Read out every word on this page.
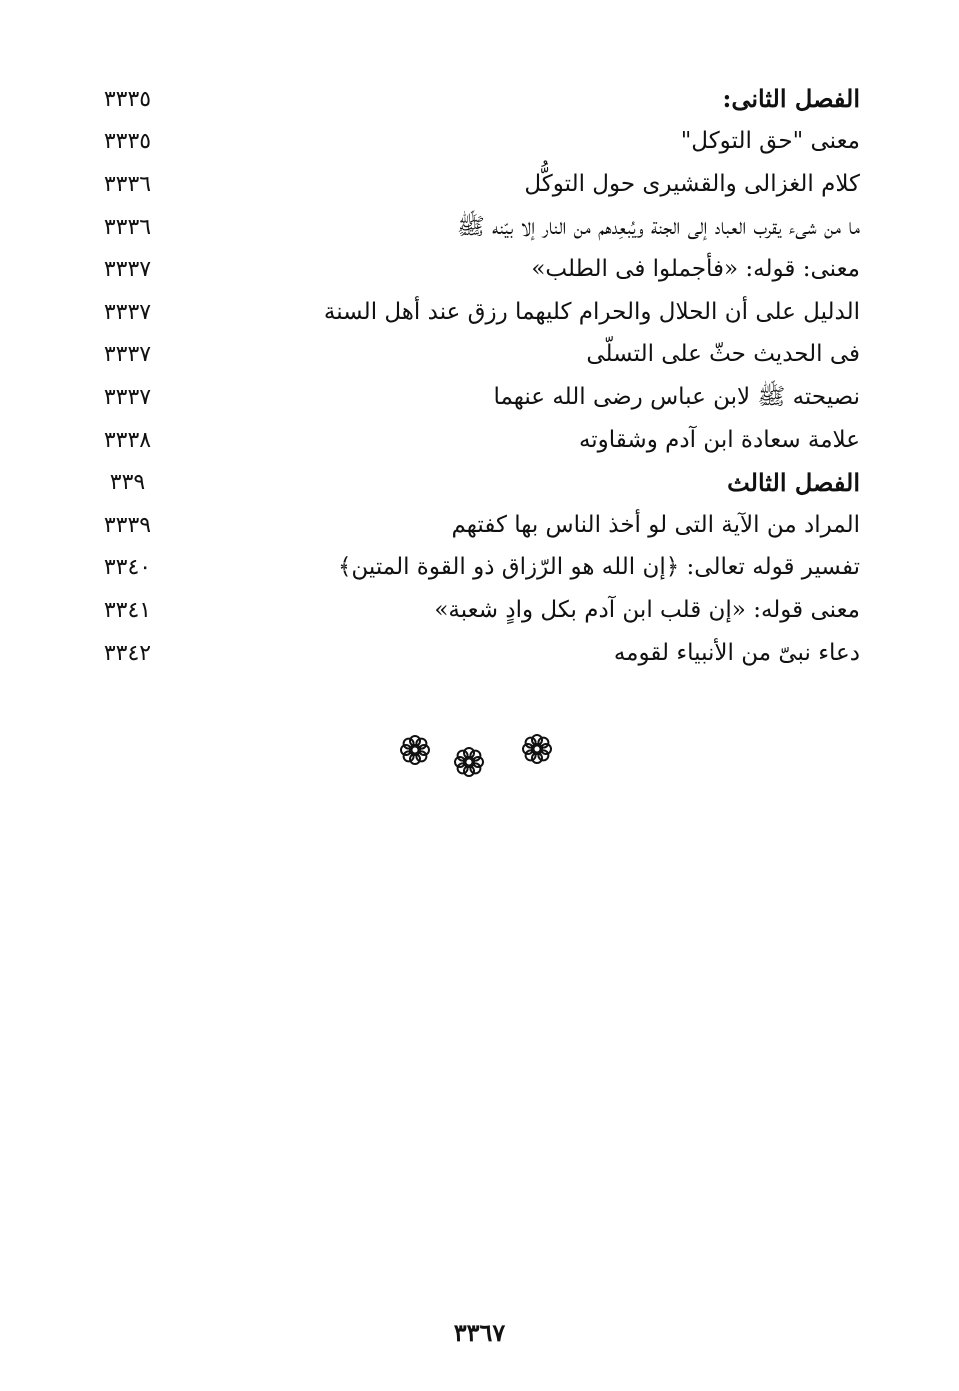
الفصل الثانى:
٣٣٣٥
معنى "حق التوكل"
٣٣٣٥
كلام الغزالى والقشيرى حول التوكُّل
٣٣٣٦
ما من شىء يقرب العباد إلى الجنة ويُبعِدهم من النار إلا بيّنه ﷺ
٣٣٣٦
معنى: قوله: «فأجملوا فى الطلب»
٣٣٣٧
الدليل على أن الحلال والحرام كليهما رزق عند أهل السنة
٣٣٣٧
فى الحديث حثّ على التسلّى
٣٣٣٧
نصيحته ﷺ لابن عباس رضى الله عنهما
٣٣٣٧
علامة سعادة ابن آدم وشقاوته
٣٣٣٨
الفصل الثالث
٣٣٩
المراد من الآية التى لو أخذ الناس بها كفتهم
٣٣٣٩
تفسير قوله تعالى: ﴿إن الله هو الرّزاق ذو القوة المتين﴾
٣٣٤٠
معنى قوله: «إن قلب ابن آدم بكل وادٍ شعبة»
٣٣٤١
دعاء نبىّ من الأنبياء لقومه
٣٣٤٢
٣٣٦٧
